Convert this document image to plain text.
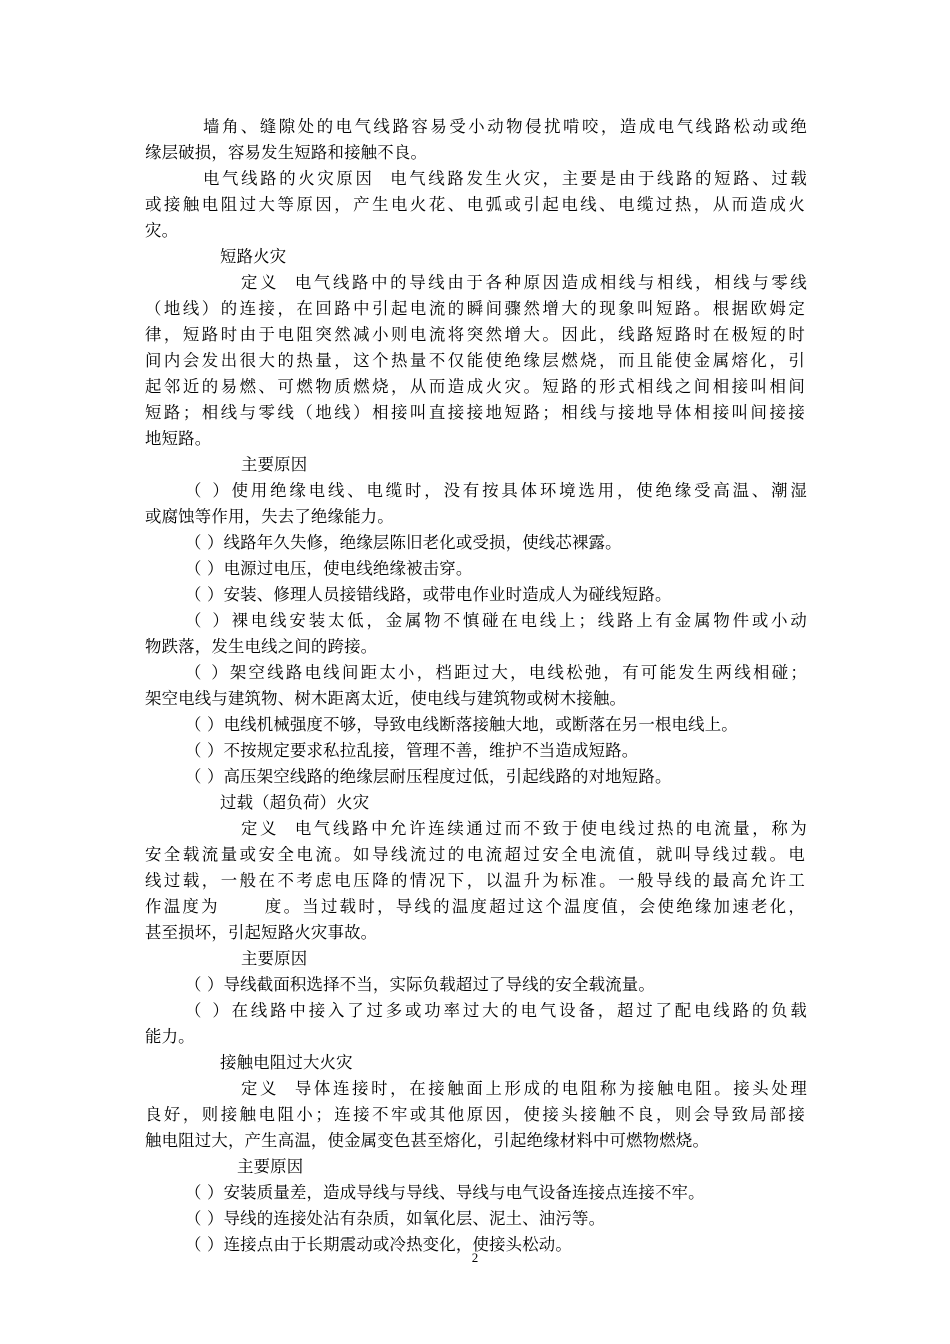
墙角、缝隙处的电气线路容易受小动物侵扰啃咬，造成电气线路松动或绝
缘层破损，容易发生短路和接触不良。
电气线路的火灾原因  电气线路发生火灾，主要是由于线路的短路、过载
或接触电阻过大等原因，产生电火花、电弧或引起电线、电缆过热，从而造成火
灾。
短路火灾
定义  电气线路中的导线由于各种原因造成相线与相线，相线与零线
（地线）的连接，在回路中引起电流的瞬间骤然增大的现象叫短路。根据欧姆定
律，短路时由于电阻突然减小则电流将突然增大。因此，线路短路时在极短的时
间内会发出很大的热量，这个热量不仅能使绝缘层燃烧，而且能使金属熔化，引
起邻近的易燃、可燃物质燃烧，从而造成火灾。短路的形式相线之间相接叫相间
短路；相线与零线（地线）相接叫直接接地短路；相线与接地导体相接叫间接接
地短路。
主要原因
（ ）使用绝缘电线、电缆时，没有按具体环境选用，使绝缘受高温、潮湿
或腐蚀等作用，失去了绝缘能力。
（ ）线路年久失修，绝缘层陈旧老化或受损，使线芯裸露。
（ ）电源过电压，使电线绝缘被击穿。
（ ）安装、修理人员接错线路，或带电作业时造成人为碰线短路。
（ ）裸电线安装太低，金属物不慎碰在电线上；线路上有金属物件或小动
物跌落，发生电线之间的跨接。
（ ）架空线路电线间距太小，档距过大，电线松弛，有可能发生两线相碰；
架空电线与建筑物、树木距离太近，使电线与建筑物或树木接触。
（ ）电线机械强度不够，导致电线断落接触大地，或断落在另一根电线上。
（ ）不按规定要求私拉乱接，管理不善，维护不当造成短路。
（ ）高压架空线路的绝缘层耐压程度过低，引起线路的对地短路。
过载（超负荷）火灾
定义  电气线路中允许连续通过而不致于使电线过热的电流量，称为
安全载流量或安全电流。如导线流过的电流超过安全电流值，就叫导线过载。电
线过载，一般在不考虑电压降的情况下，以温升为标准。一般导线的最高允许工
作温度为      度。当过载时，导线的温度超过这个温度值，会使绝缘加速老化，
甚至损坏，引起短路火灾事故。
主要原因
（ ）导线截面积选择不当，实际负载超过了导线的安全载流量。
（ ）在线路中接入了过多或功率过大的电气设备，超过了配电线路的负载
能力。
接触电阻过大火灾
定义  导体连接时，在接触面上形成的电阻称为接触电阻。接头处理
良好，则接触电阻小；连接不牢或其他原因，使接头接触不良，则会导致局部接
触电阻过大，产生高温，使金属变色甚至熔化，引起绝缘材料中可燃物燃烧。
主要原因
（ ）安装质量差，造成导线与导线、导线与电气设备连接点连接不牢。
（ ）导线的连接处沾有杂质，如氧化层、泥土、油污等。
（ ）连接点由于长期震动或冷热变化，使接头松动。
2
